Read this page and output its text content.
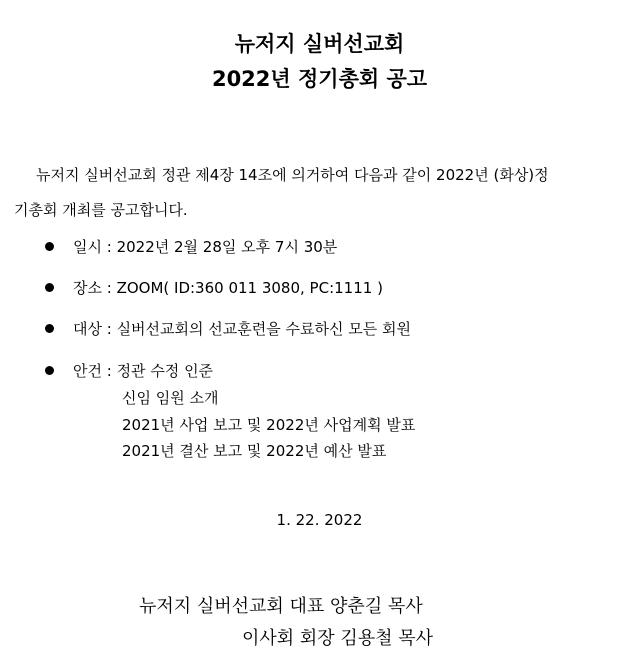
뉴저지 실버선교회
2022년 정기총회 공고
뉴저지 실버선교회 정관 제4장 14조에 의거하여 다음과 같이 2022년 (화상)정
기총회 개최를 공고합니다.
일시 : 2022년 2월 28일 오후 7시 30분
장소 : ZOOM( ID:360 011 3080, PC:1111 )
대상 : 실버선교회의 선교훈련을 수료하신 모든 회원
안건 : 정관 수정 인준
신임 임원 소개
2021년 사업 보고 및 2022년 사업계획 발표
2021년 결산 보고 및 2022년 예산 발표
1. 22. 2022
뉴저지 실버선교회 대표 양춘길 목사
이사회 회장 김용철 목사
